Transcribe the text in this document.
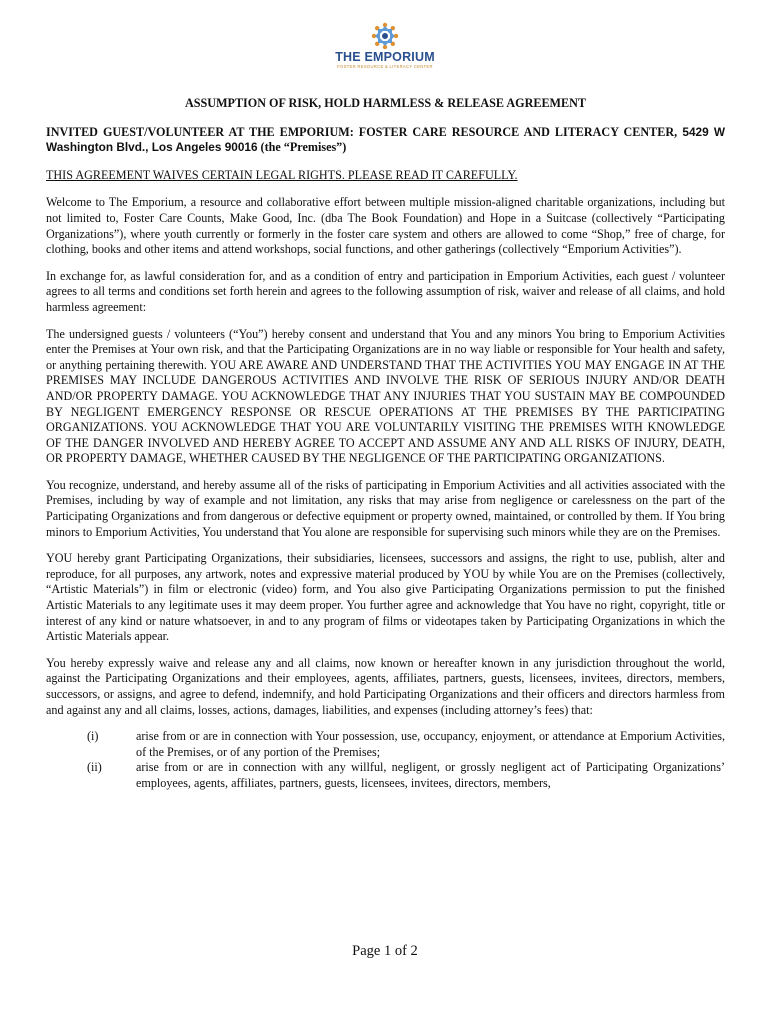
THE EMPORIUM
FOSTER RESOURCE & LITERACY CENTER
ASSUMPTION OF RISK, HOLD HARMLESS & RELEASE AGREEMENT
INVITED GUEST/VOLUNTEER AT THE EMPORIUM: FOSTER CARE RESOURCE AND LITERACY CENTER, 5429 W Washington Blvd., Los Angeles 90016 (the “Premises”)

THIS AGREEMENT WAIVES CERTAIN LEGAL RIGHTS. PLEASE READ IT CAREFULLY.

Welcome to The Emporium, a resource and collaborative effort between multiple mission-aligned charitable organizations, including but not limited to, Foster Care Counts, Make Good, Inc. (dba The Book Foundation) and Hope in a Suitcase (collectively “Participating Organizations”), where youth currently or formerly in the foster care system and others are allowed to come “Shop,” free of charge, for clothing, books and other items and attend workshops, social functions, and other gatherings (collectively “Emporium Activities”).

In exchange for, as lawful consideration for, and as a condition of entry and participation in Emporium Activities, each guest / volunteer agrees to all terms and conditions set forth herein and agrees to the following assumption of risk, waiver and release of all claims, and hold harmless agreement:

The undersigned guests / volunteers (“You”) hereby consent and understand that You and any minors You bring to Emporium Activities enter the Premises at Your own risk, and that the Participating Organizations are in no way liable or responsible for Your health and safety, or anything pertaining therewith. YOU ARE AWARE AND UNDERSTAND THAT THE ACTIVITIES YOU MAY ENGAGE IN AT THE PREMISES MAY INCLUDE DANGEROUS ACTIVITIES AND INVOLVE THE RISK OF SERIOUS INJURY AND/OR DEATH AND/OR PROPERTY DAMAGE. YOU ACKNOWLEDGE THAT ANY INJURIES THAT YOU SUSTAIN MAY BE COMPOUNDED BY NEGLIGENT EMERGENCY RESPONSE OR RESCUE OPERATIONS AT THE PREMISES BY THE PARTICIPATING ORGANIZATIONS. YOU ACKNOWLEDGE THAT YOU ARE VOLUNTARILY VISITING THE PREMISES WITH KNOWLEDGE OF THE DANGER INVOLVED AND HEREBY AGREE TO ACCEPT AND ASSUME ANY AND ALL RISKS OF INJURY, DEATH, OR PROPERTY DAMAGE, WHETHER CAUSED BY THE NEGLIGENCE OF THE PARTICIPATING ORGANIZATIONS.

You recognize, understand, and hereby assume all of the risks of participating in Emporium Activities and all activities associated with the Premises, including by way of example and not limitation, any risks that may arise from negligence or carelessness on the part of the Participating Organizations and from dangerous or defective equipment or property owned, maintained, or controlled by them. If You bring minors to Emporium Activities, You understand that You alone are responsible for supervising such minors while they are on the Premises.

YOU hereby grant Participating Organizations, their subsidiaries, licensees, successors and assigns, the right to use, publish, alter and reproduce, for all purposes, any artwork, notes and expressive material produced by YOU by while You are on the Premises (collectively, “Artistic Materials”) in film or electronic (video) form, and You also give Participating Organizations permission to put the finished Artistic Materials to any legitimate uses it may deem proper. You further agree and acknowledge that You have no right, copyright, title or interest of any kind or nature whatsoever, in and to any program of films or videotapes taken by Participating Organizations in which the Artistic Materials appear.

You hereby expressly waive and release any and all claims, now known or hereafter known in any jurisdiction throughout the world, against the Participating Organizations and their employees, agents, affiliates, partners, guests, licensees, invitees, directors, members, successors, or assigns, and agree to defend, indemnify, and hold Participating Organizations and their officers and directors harmless from and against any and all claims, losses, actions, damages, liabilities, and expenses (including attorney’s fees) that:

(i)	arise from or are in connection with Your possession, use, occupancy, enjoyment, or attendance at Emporium Activities, of the Premises, or of any portion of the Premises;
(ii)	arise from or are in connection with any willful, negligent, or grossly negligent act of Participating Organizations’ employees, agents, affiliates, partners, guests, licensees, invitees, directors, members,
Page 1 of 2
